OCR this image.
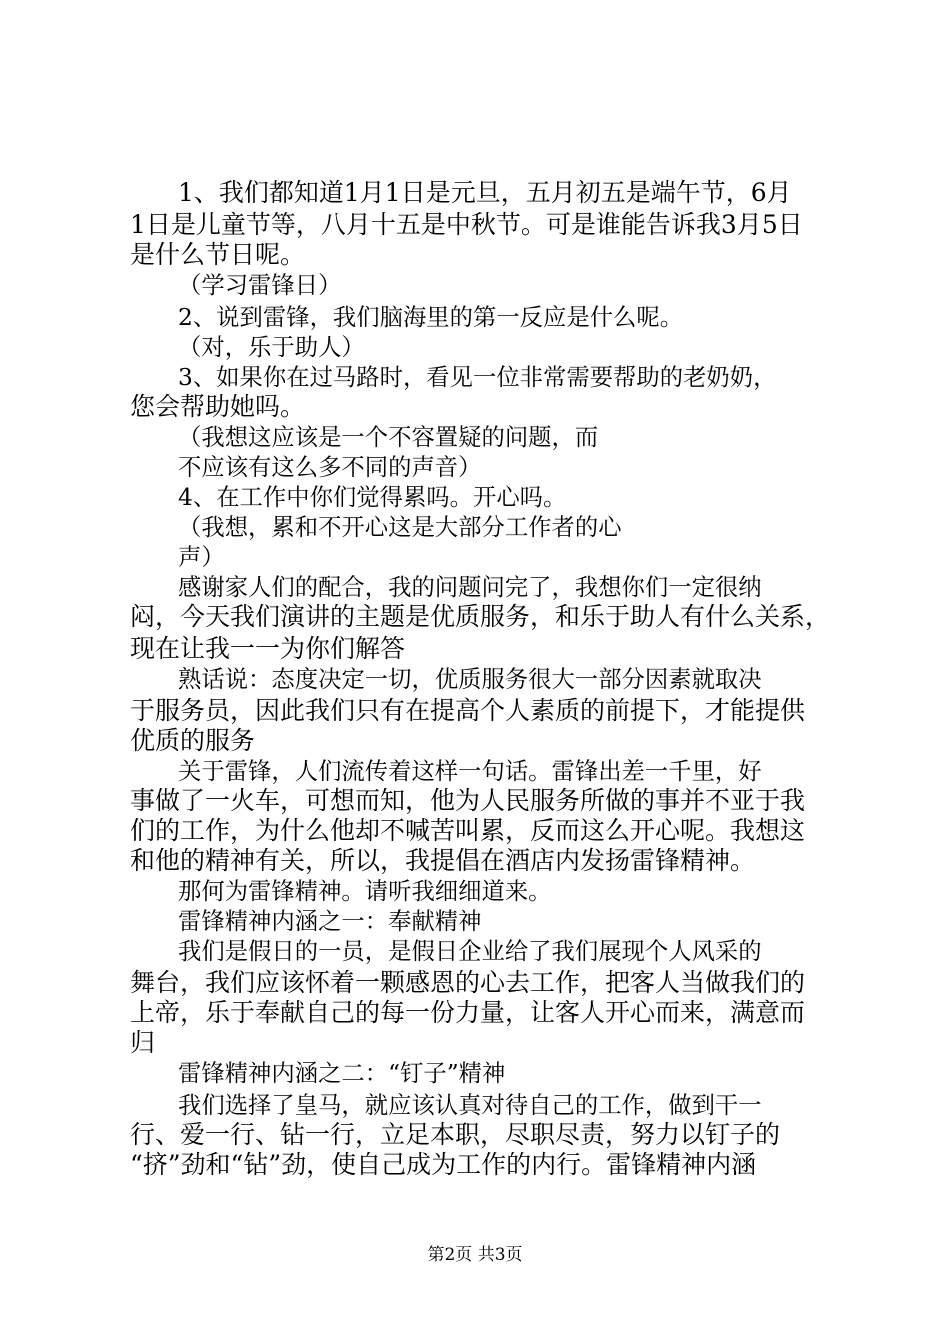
1、我们都知道1月1日是元旦，五月初五是端午节，6月
1日是儿童节等，八月十五是中秋节。可是谁能告诉我3月5日
是什么节日呢。
（学习雷锋日）
2、说到雷锋，我们脑海里的第一反应是什么呢。
（对，乐于助人）
3、如果你在过马路时，看见一位非常需要帮助的老奶奶，
您会帮助她吗。
（我想这应该是一个不容置疑的问题，而
不应该有这么多不同的声音）
4、在工作中你们觉得累吗。开心吗。
（我想，累和不开心这是大部分工作者的心
声）
感谢家人们的配合，我的问题问完了，我想你们一定很纳
闷，今天我们演讲的主题是优质服务，和乐于助人有什么关系，
现在让我一一为你们解答
熟话说：态度决定一切，优质服务很大一部分因素就取决
于服务员，因此我们只有在提高个人素质的前提下，才能提供
优质的服务
关于雷锋，人们流传着这样一句话。雷锋出差一千里，好
事做了一火车，可想而知，他为人民服务所做的事并不亚于我
们的工作，为什么他却不喊苦叫累，反而这么开心呢。我想这
和他的精神有关，所以，我提倡在酒店内发扬雷锋精神。
那何为雷锋精神。请听我细细道来。
雷锋精神内涵之一：奉献精神
我们是假日的一员，是假日企业给了我们展现个人风采的
舞台，我们应该怀着一颗感恩的心去工作，把客人当做我们的
上帝，乐于奉献自己的每一份力量，让客人开心而来，满意而
归
雷锋精神内涵之二：“钉子”精神
我们选择了皇马，就应该认真对待自己的工作，做到干一
行、爱一行、钻一行，立足本职，尽职尽责，努力以钉子的
“挤”劲和“钻”劲，使自己成为工作的内行。雷锋精神内涵
第2页 共3页
